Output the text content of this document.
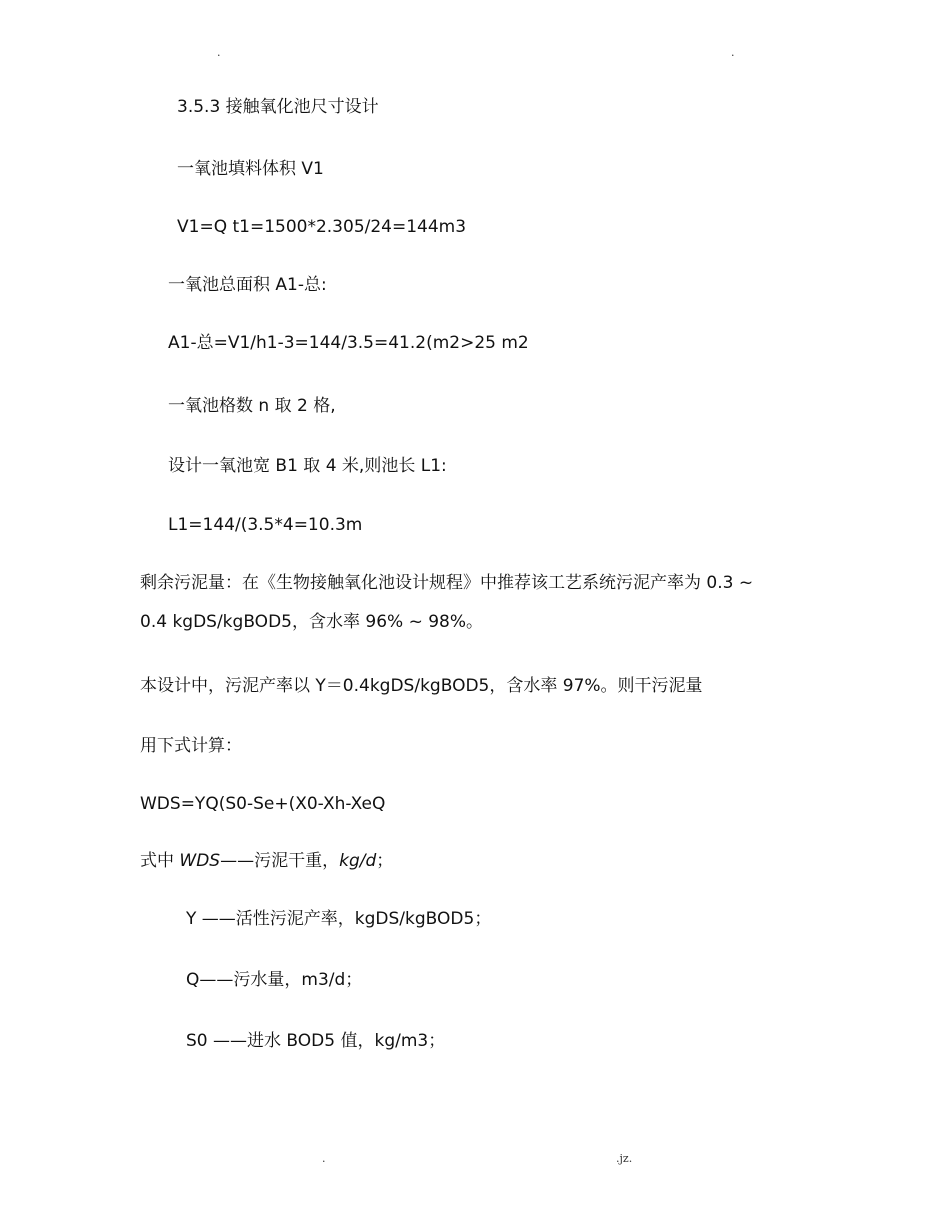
.	.
3.5.3 接触氧化池尺寸设计
一氧池填料体积 V1
V1=Q t1=1500*2.305/24=144m3
一氧池总面积 A1-总:
A1-总=V1/h1-3=144/3.5=41.2(m2>25 m2
一氧池格数 n 取 2 格,
设计一氧池宽 B1 取 4 米,则池长 L1:
L1=144/(3.5*4=10.3m
剩余污泥量：在《生物接触氧化池设计规程》中推荐该工艺系统污泥产率为 0.3 ~
0.4 kgDS/kgBOD5，含水率 96% ~ 98%。
本设计中，污泥产率以 Y＝0.4kgDS/kgBOD5，含水率 97%。则干污泥量
用下式计算：
WDS=YQ(S0-Se+(X0-Xh-XeQ
式中 WDS——污泥干重，kg/d；
Y ——活性污泥产率，kgDS/kgBOD5；
Q——污水量，m3/d；
S0 ——进水 BOD5 值，kg/m3；
.	.jz.
